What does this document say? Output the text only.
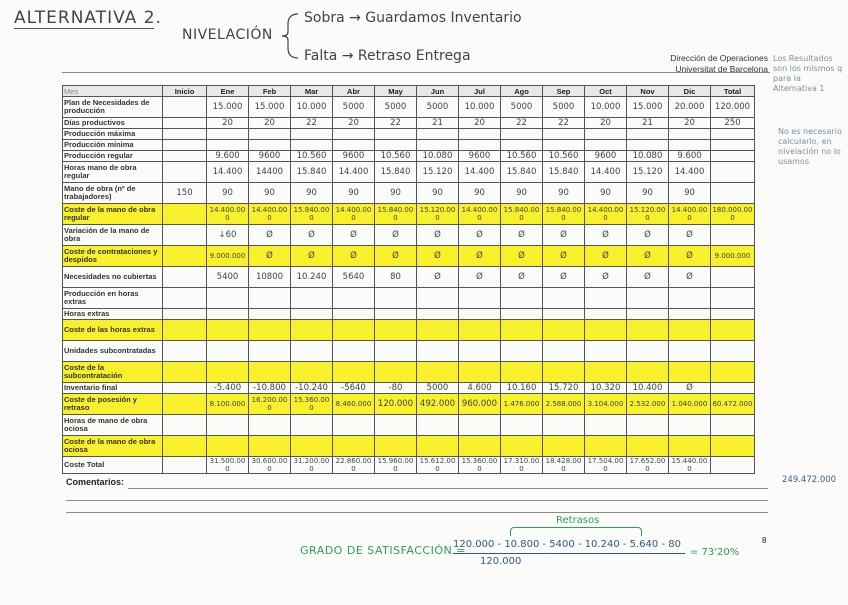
ALTERNATIVA 2.
NIVELACIÓN
Sobra → Guardamos Inventario
Falta → Retraso Entrega	Dirección de Operaciones
Universitat de Barcelona
Los Resultados son los mismos q para la Alternativa 1
No es necesario calcularlo, en nivelación no lo usamos
Mes	Inicio	Ene	Feb	Mar	Abr	May	Jun	Jul	Ago	Sep	Oct	Nov	Dic	Total
Plan de Necesidades de producción		15.000	15.000	10.000	5000	5000	5000	10.000	5000	5000	10.000	15.000	20.000	120.000
Días productivos		20	20	22	20	22	21	20	22	22	20	21	20	250
Producción máxima														
Producción mínima														
Producción regular		9.600	9600	10.560	9600	10.560	10.080	9600	10.560	10.560	9600	10.080	9.600	
Horas mano de obra regular		14.400	14400	15.840	14.400	15.840	15.120	14.400	15.840	15.840	14.400	15.120	14.400	
Mano de obra (nº de trabajadores)	150	90	90	90	90	90	90	90	90	90	90	90	90	
Coste de la mano de obra regular		14.400.000	14.400.000	15.840.000	14.400.000	15.840.000	15.120.000	14.400.000	15.840.000	15.840.000	14.400.000	15.120.000	14.400.000	180.000.000
Variación de la mano de obra		↓60	Ø	Ø	Ø	Ø	Ø	Ø	Ø	Ø	Ø	Ø	Ø	
Coste de contrataciones y despidos		9.000.000	Ø	Ø	Ø	Ø	Ø	Ø	Ø	Ø	Ø	Ø	Ø	9.000.000
Necesidades no cubiertas		5400	10800	10.240	5640	80	Ø	Ø	Ø	Ø	Ø	Ø	Ø	
Producción en horas extras														
Horas extras														
Coste de las horas extras														
Unidades subcontratadas														
Coste de la subcontratación														
Inventario final		-5.400	-10.800	-10.240	-5640	-80	5000	4.600	10.160	15.720	10.320	10.400	Ø	
Coste de posesión y retraso		8.100.000	16.200.000	15.360.000	8.460.000	120.000	492.000	960.000	1.476.000	2.588.000	3.104.000	2.532.000	1.040.000	60.472.000
Horas de mano de obra ociosa														
Coste de la mano de obra ociosa														
Coste Total		31.500.000	30.600.000	31.200.000	22.860.000	15.960.000	15.612.000	15.360.000	17.310.000	18.428.000	17.504.000	17.652.000	15.440.000	
Comentarios:	249.472.000
Retrasos
GRADO DE SATISFACCIÓN =
120.000 - 10.800 - 5400 - 10.240 - 5.640 - 80
120.000
= 73'20%
8
